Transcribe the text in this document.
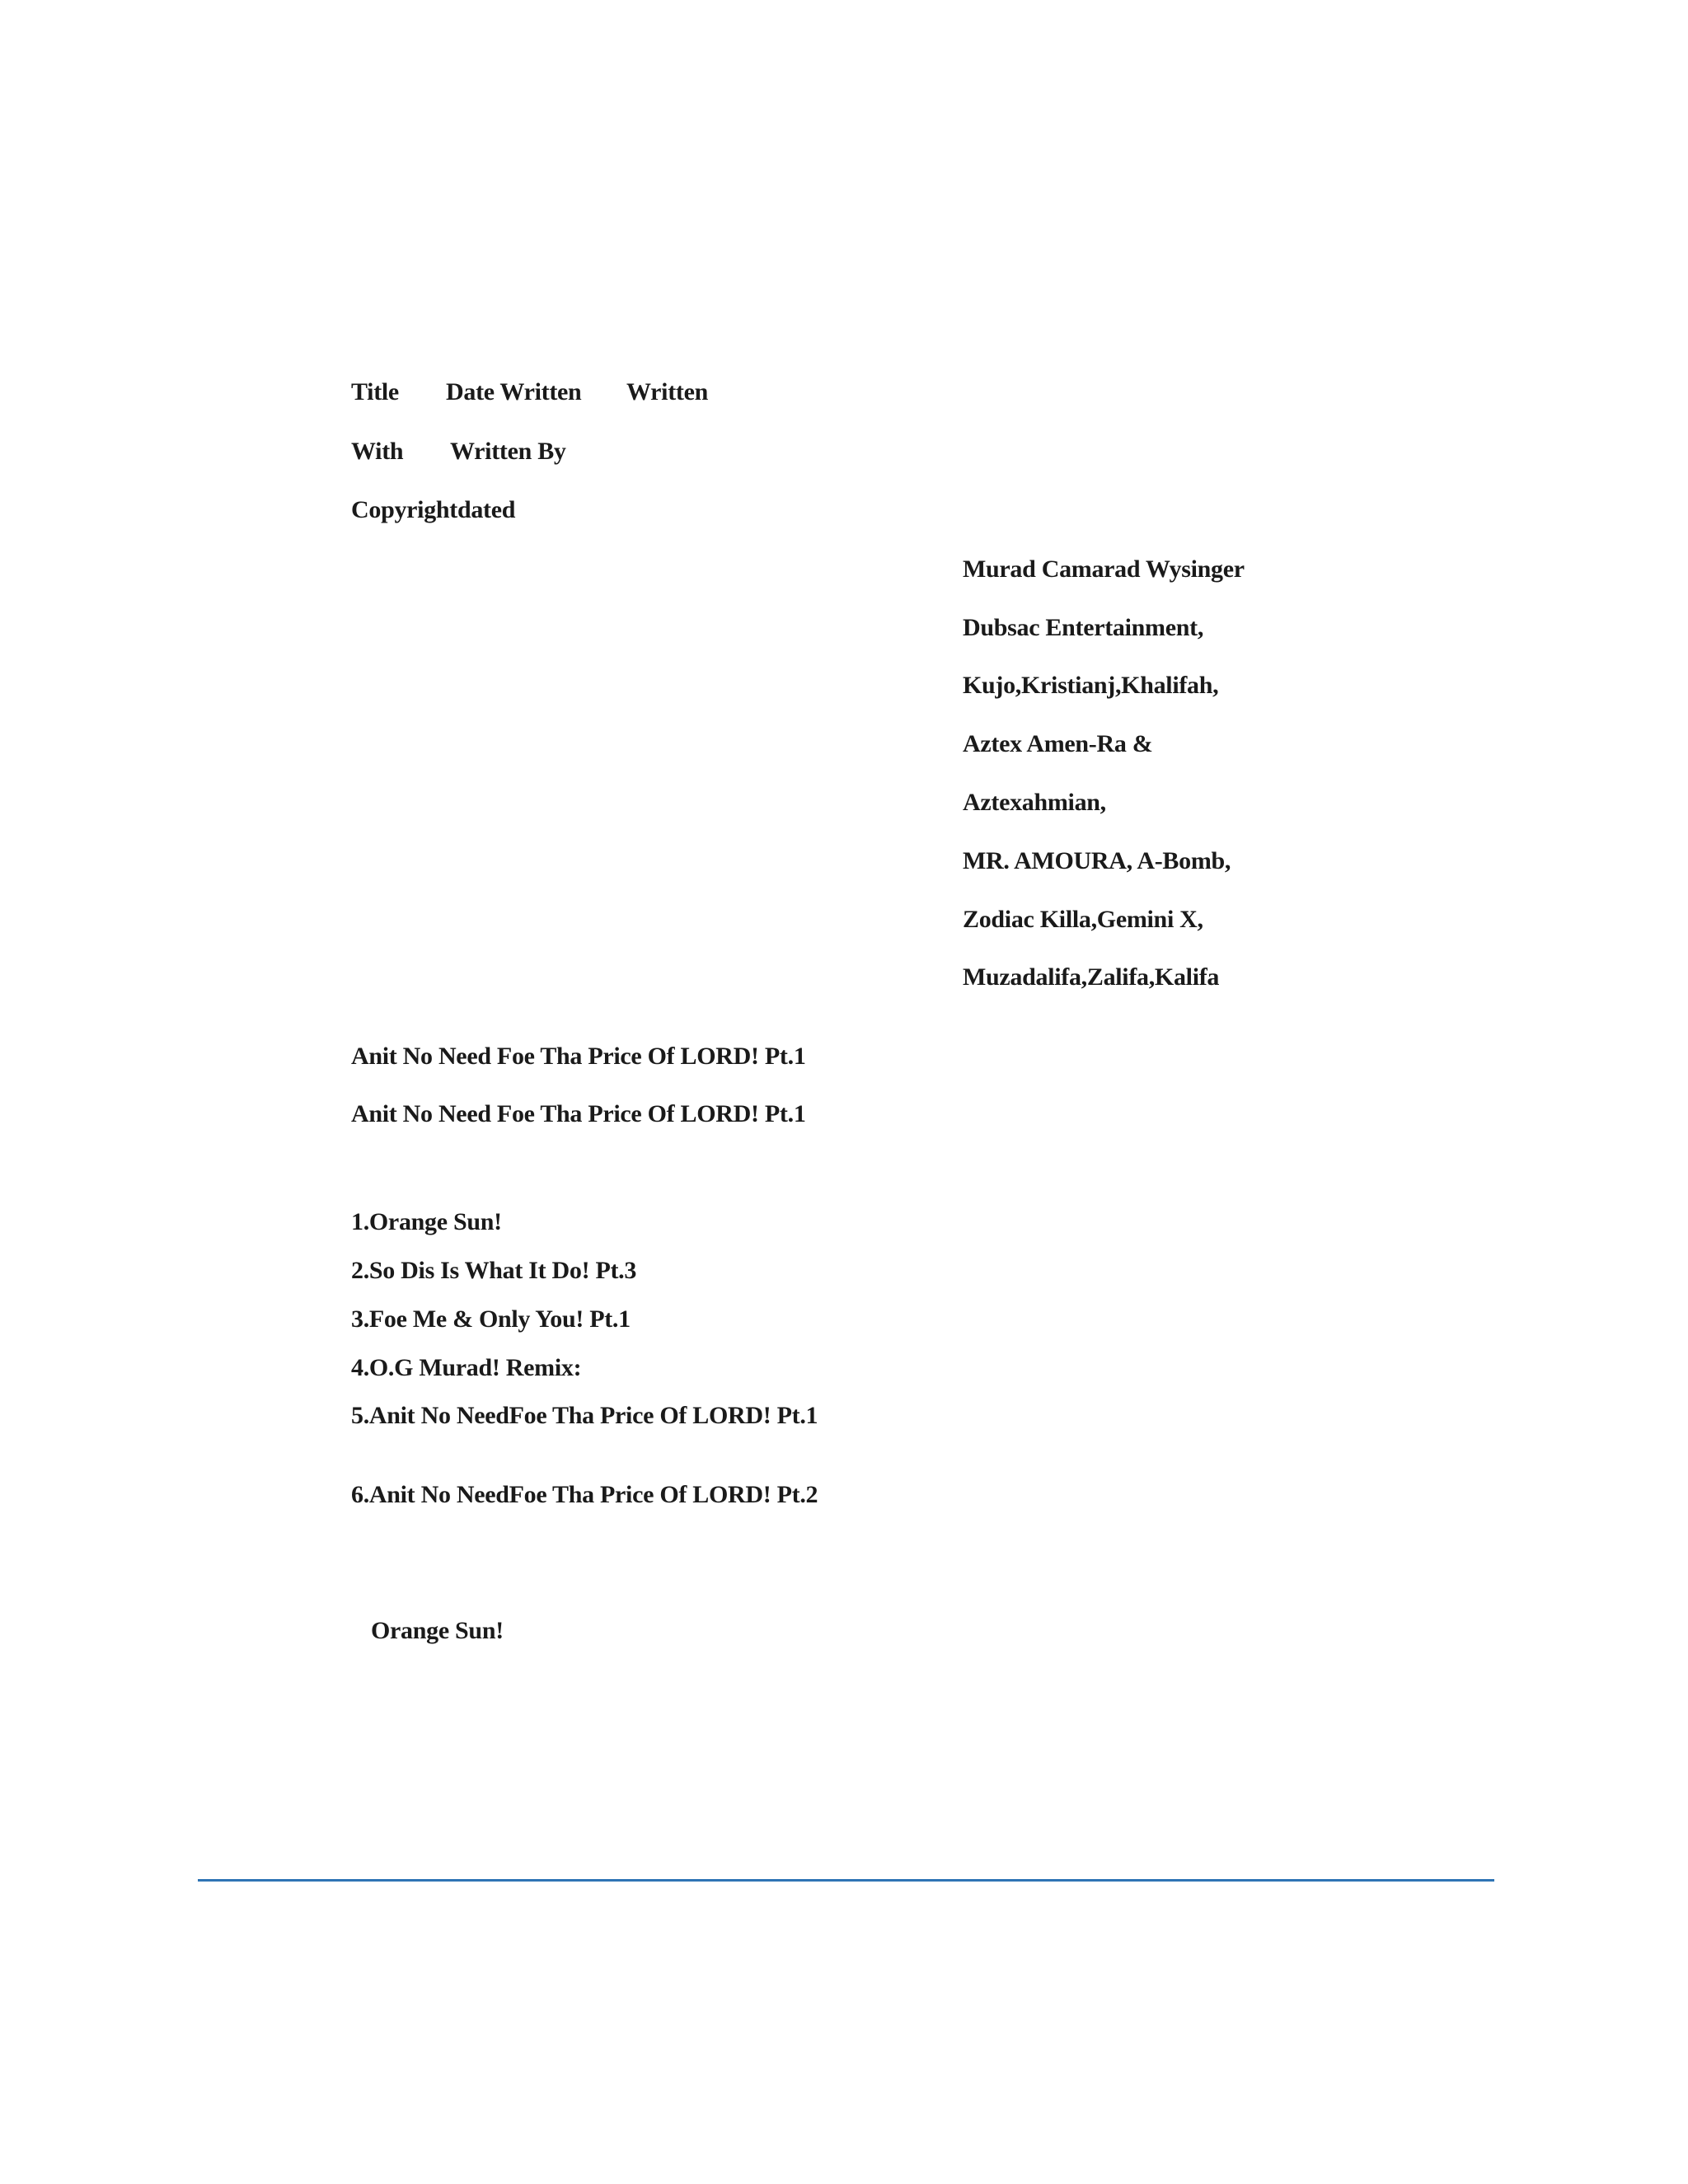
Title Date Written Written
With Written By
Copyrightdated
Murad Camarad Wysinger
Dubsac Entertainment,
Kujo,Kristianj,Khalifah,
Aztex Amen-Ra &
Aztexahmian,
MR. AMOURA, A-Bomb,
Zodiac Killa,Gemini X,
Muzadalifa,Zalifa,Kalifa
Anit No Need Foe Tha Price Of LORD! Pt.1
Anit No Need Foe Tha Price Of LORD! Pt.1
1.Orange Sun!
2.So Dis Is What It Do! Pt.3
3.Foe Me & Only You! Pt.1
4.O.G Murad! Remix:
5.Anit No NeedFoe Tha Price Of LORD! Pt.1
6.Anit No NeedFoe Tha Price Of LORD! Pt.2
Orange Sun!
